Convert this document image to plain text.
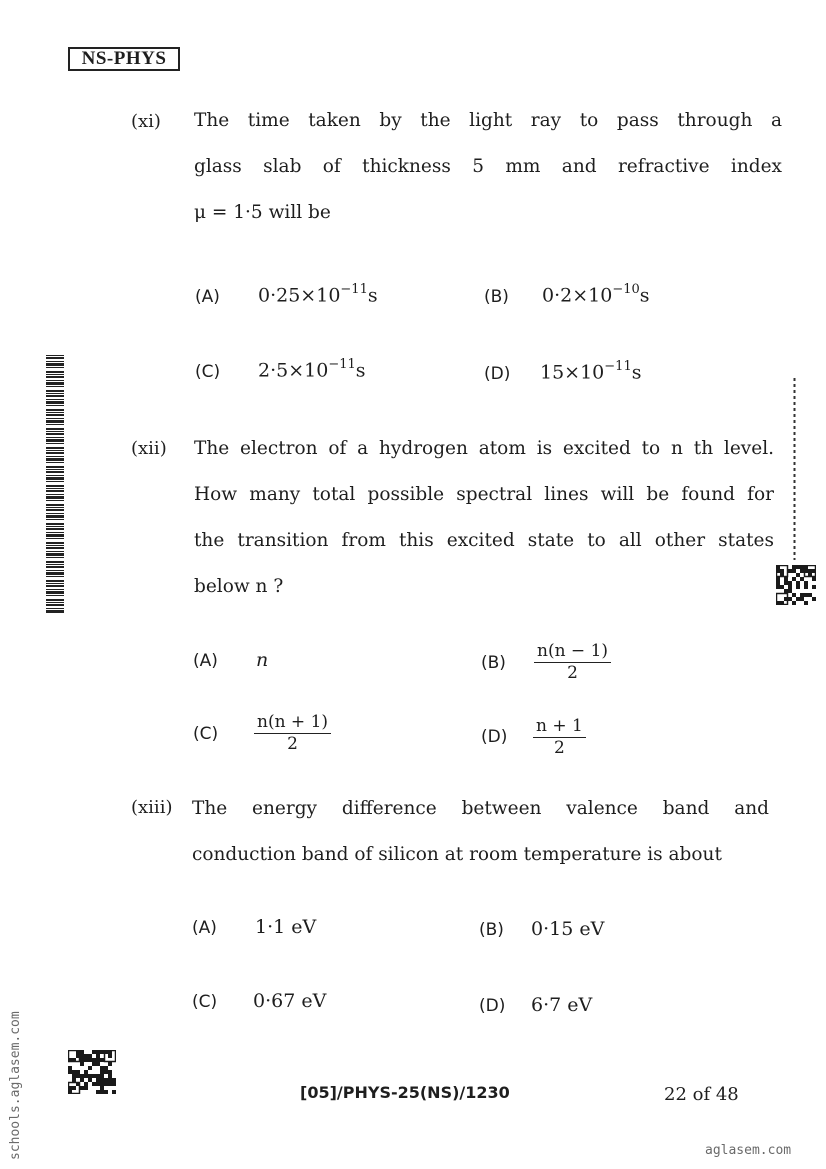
NS-PHYS
(xi) The time taken by the light ray to pass through a
glass slab of thickness 5 mm and refractive index
μ = 1·5 will be
(A) $0\cdot 25\times 10^{-11}s$	(B) $0\cdot 2\times 10^{-10}s$
(C) $2\cdot 5\times 10^{-11}s$	(D) $15\times 10^{-11}s$
(xii) The electron of a hydrogen atom is excited to n th level.
How many total possible spectral lines will be found for
the transition from this excited state to all other states
below n ?
(A) n	$(B) \frac{n(n - 1)}{2}$
$(C) \frac{n(n + 1)}{2}$	$(D) \frac{n + 1}{2}$
(xiii) The energy difference between valence band and
conduction band of silicon at room temperature is about
(A) 1·1 eV	(B) 0·15 eV
(C) 0·67 eV	(D) 6·7 eV
[05]/PHYS-25(NS)/1230	22 of 48
schools.aglasem.com	aglasem.com
